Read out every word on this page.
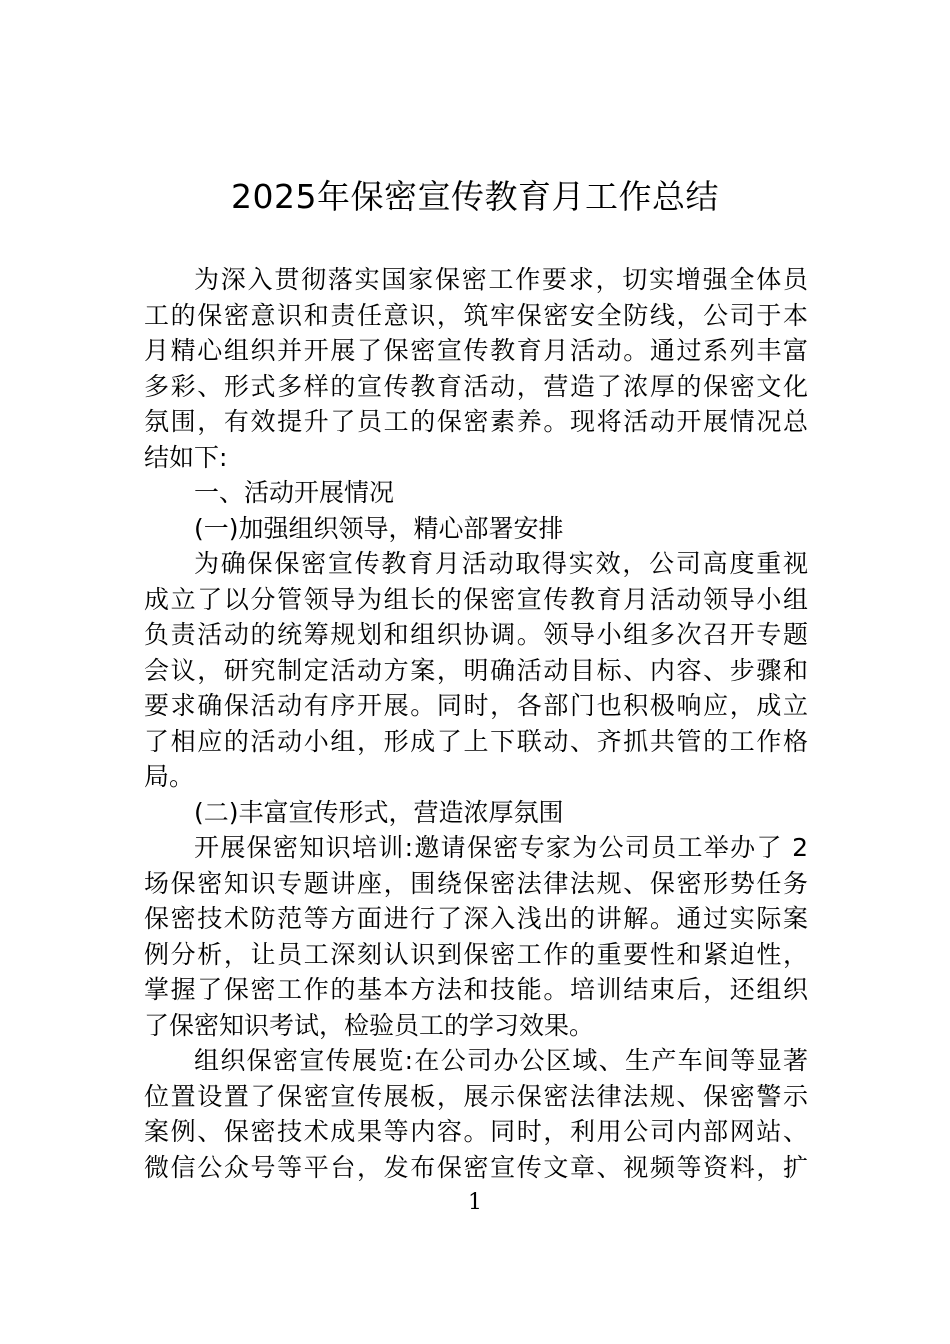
2025年保密宣传教育月工作总结
为深入贯彻落实国家保密工作要求，切实增强全体员
工的保密意识和责任意识，筑牢保密安全防线，公司于本
月精心组织并开展了保密宣传教育月活动。通过系列丰富
多彩、形式多样的宣传教育活动，营造了浓厚的保密文化
氛围，有效提升了员工的保密素养。现将活动开展情况总
结如下:
一、活动开展情况
(一)加强组织领导，精心部署安排
为确保保密宣传教育月活动取得实效，公司高度重视
成立了以分管领导为组长的保密宣传教育月活动领导小组
负责活动的统筹规划和组织协调。领导小组多次召开专题
会议，研究制定活动方案，明确活动目标、内容、步骤和
要求确保活动有序开展。同时，各部门也积极响应，成立
了相应的活动小组，形成了上下联动、齐抓共管的工作格
局。
(二)丰富宣传形式，营造浓厚氛围
开展保密知识培训:邀请保密专家为公司员工举办了 2
场保密知识专题讲座，围绕保密法律法规、保密形势任务
保密技术防范等方面进行了深入浅出的讲解。通过实际案
例分析，让员工深刻认识到保密工作的重要性和紧迫性，
掌握了保密工作的基本方法和技能。培训结束后，还组织
了保密知识考试，检验员工的学习效果。
组织保密宣传展览:在公司办公区域、生产车间等显著
位置设置了保密宣传展板，展示保密法律法规、保密警示
案例、保密技术成果等内容。同时，利用公司内部网站、
微信公众号等平台，发布保密宣传文章、视频等资料，扩
1
